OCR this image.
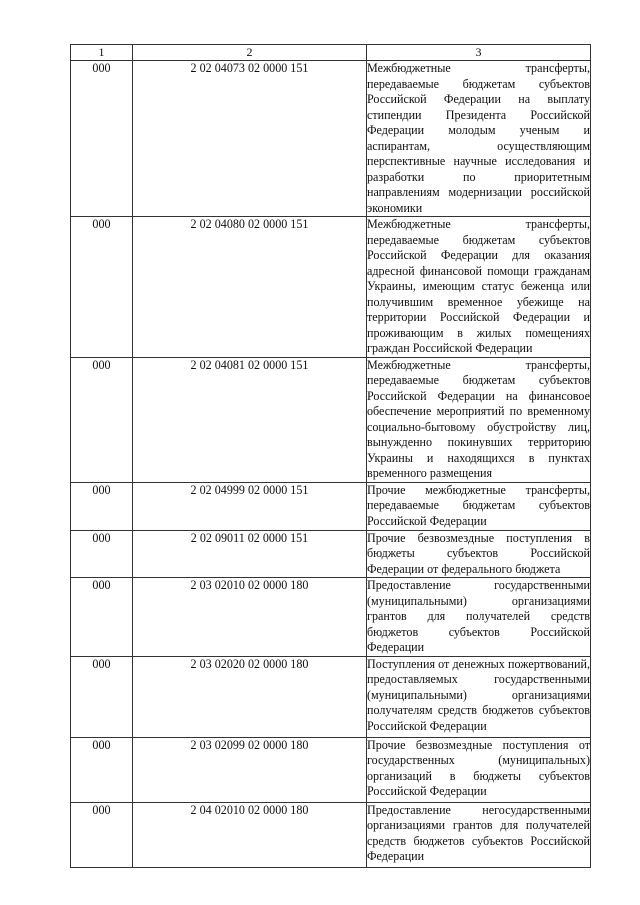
1	2	3
000	2 02 04073 02 0000 151	Межбюджетные трансферты, передаваемые бюджетам субъектов Российской Федерации на выплату стипендии Президента Российской Федерации молодым ученым и аспирантам, осуществляющим перспективные научные исследования и разработки по приоритетным направлениям модернизации российской экономики
000	2 02 04080 02 0000 151	Межбюджетные трансферты, передаваемые бюджетам субъектов Российской Федерации для оказания адресной финансовой помощи гражданам Украины, имеющим статус беженца или получившим временное убежище на территории Российской Федерации и проживающим в жилых помещениях граждан Российской Федерации
000	2 02 04081 02 0000 151	Межбюджетные трансферты, передаваемые бюджетам субъектов Российской Федерации на финансовое обеспечение мероприятий по временному социально-бытовому обустройству лиц, вынужденно покинувших территорию Украины и находящихся в пунктах временного размещения
000	2 02 04999 02 0000 151	Прочие межбюджетные трансферты, передаваемые бюджетам субъектов Российской Федерации
000	2 02 09011 02 0000 151	Прочие безвозмездные поступления в бюджеты субъектов Российской Федерации от федерального бюджета
000	2 03 02010 02 0000 180	Предоставление государственными (муниципальными) организациями грантов для получателей средств бюджетов субъектов Российской Федерации
000	2 03 02020 02 0000 180	Поступления от денежных пожертвований, предоставляемых государственными (муниципальными) организациями получателям средств бюджетов субъектов Российской Федерации
000	2 03 02099 02 0000 180	Прочие безвозмездные поступления от государственных (муниципальных) организаций в бюджеты субъектов Российской Федерации
000	2 04 02010 02 0000 180	Предоставление негосударственными организациями грантов для получателей средств бюджетов субъектов Российской Федерации
